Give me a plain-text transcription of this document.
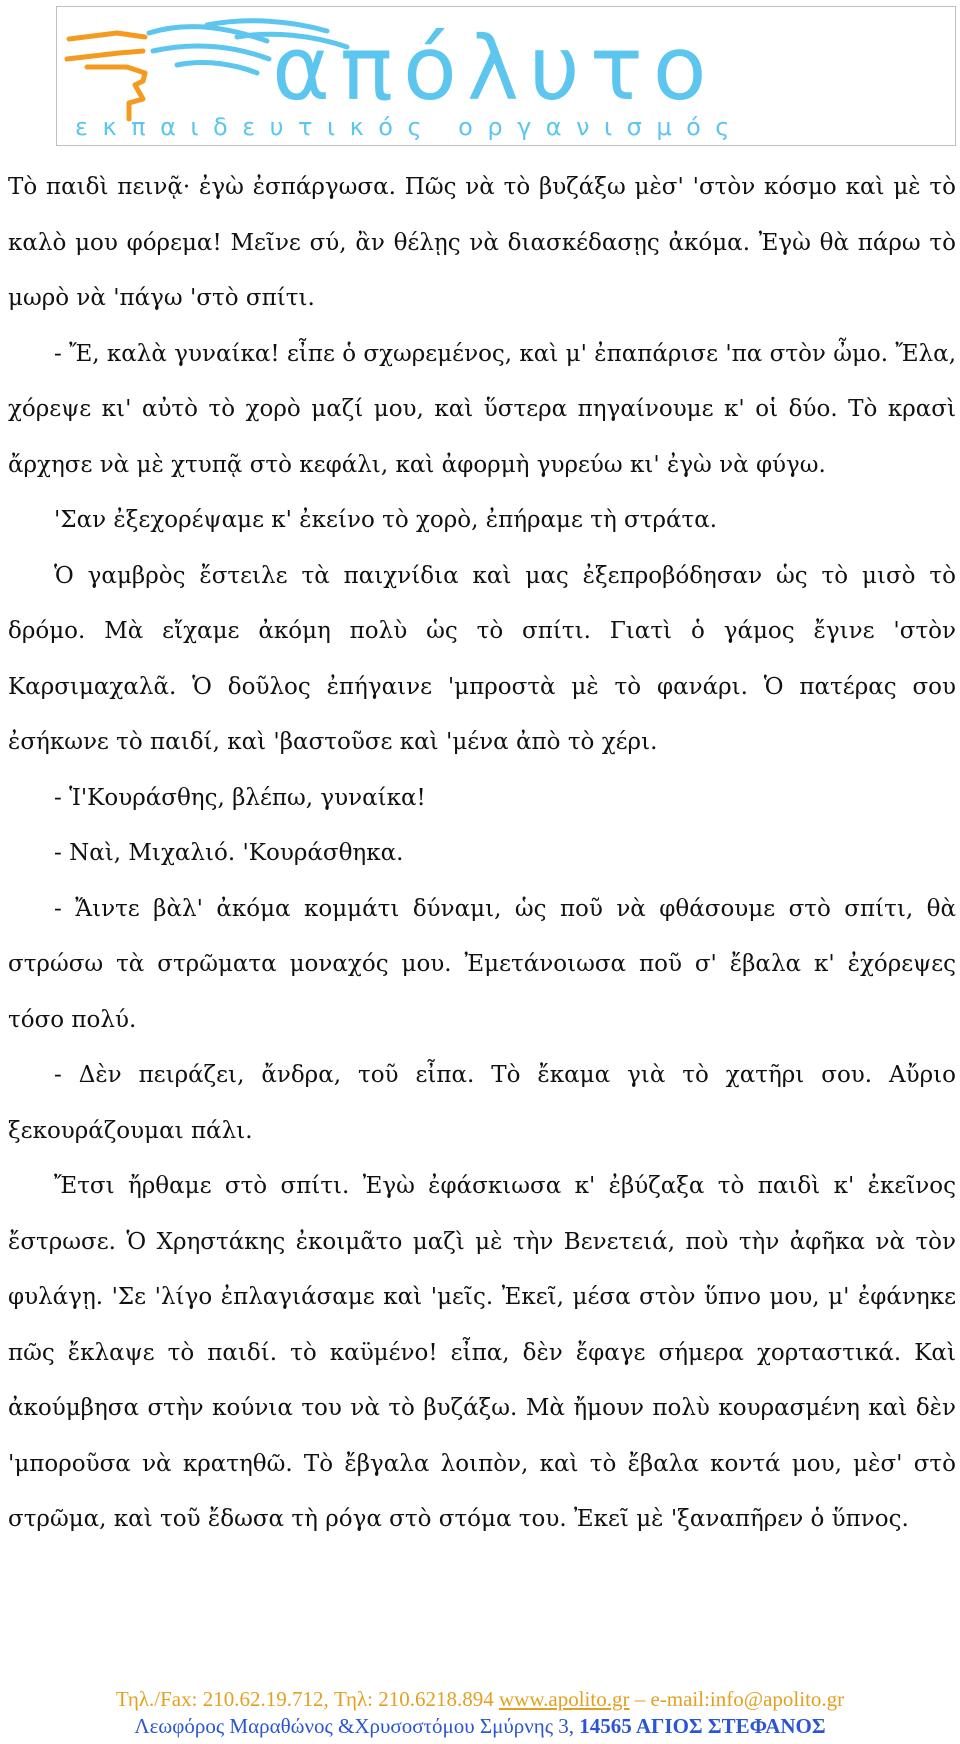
απόλυτο
εκπαιδευτικός οργανισμός

Τὸ παιδὶ πεινᾷ· ἐγὼ ἐσπάργωσα. Πῶς νὰ τὸ βυζάξω μὲσ' 'στὸν κόσμο καὶ μὲ τὸ καλὸ μου φόρεμα! Μεῖνε σύ, ἂν θέλῃς νὰ διασκέδασῃς ἀκόμα. Ἐγὼ θὰ πάρω τὸ μωρὸ νὰ 'πάγω 'στὸ σπίτι.

- Ἔ, καλὰ γυναίκα! εἶπε ὁ σχωρεμένος, καὶ μ' ἐπαπάρισε 'πα στὸν ὦμο. Ἔλα, χόρεψε κι' αὐτὸ τὸ χορὸ μαζί μου, καὶ ὕστερα πηγαίνουμε κ' οἱ δύο. Τὸ κρασὶ ἄρχησε νὰ μὲ χτυπᾷ στὸ κεφάλι, καὶ ἀφορμὴ γυρεύω κι' ἐγὼ νὰ φύγω.

'Σαν ἐξεχορέψαμε κ' ἐκείνο τὸ χορὸ, ἐπήραμε τὴ στράτα.

Ὁ γαμβρὸς ἔστειλε τὰ παιχνίδια καὶ μας ἐξεπροβόδησαν ὡς τὸ μισὸ τὸ δρόμο. Μὰ εἴχαμε ἀκόμη πολὺ ὡς τὸ σπίτι. Γιατὶ ὁ γάμος ἔγινε 'στὸν Καρσιμαχαλᾶ. Ὁ δοῦλος ἐπήγαινε 'μπροστὰ μὲ τὸ φανάρι. Ὁ πατέρας σου ἐσήκωνε τὸ παιδί, καὶ 'βαστοῦσε καὶ 'μένα ἀπὸ τὸ χέρι.

- Ἱ'Κουράσθης, βλέπω, γυναίκα!

- Ναὶ, Μιχαλιό. 'Κουράσθηκα.

- Ἄιντε βὰλ' ἀκόμα κομμάτι δύναμι, ὡς ποῦ νὰ φθάσουμε στὸ σπίτι, θὰ στρώσω τὰ στρῶματα μοναχός μου. Ἐμετάνοιωσα ποῦ σ' ἔβαλα κ' ἐχόρεψες τόσο πολύ.

- Δὲν πειράζει, ἄνδρα, τοῦ εἶπα. Τὸ ἔκαμα γιὰ τὸ χατῆρι σου. Αὔριο ξεκουράζουμαι πάλι.

Ἔτσι ἤρθαμε στὸ σπίτι. Ἐγὼ ἐφάσκιωσα κ' ἐβύζαξα τὸ παιδὶ κ' ἐκεῖνος ἔστρωσε. Ὁ Χρηστάκης ἐκοιμᾶτο μαζὶ μὲ τὴν Βενετειά, ποὺ τὴν ἀφῆκα νὰ τὸν φυλάγῃ. 'Σε 'λίγο ἐπλαγιάσαμε καὶ 'μεῖς. Ἐκεῖ, μέσα στὸν ὕπνο μου, μ' ἐφάνηκε πῶς ἔκλαψε τὸ παιδί. τὸ καϋμένο! εἶπα, δὲν ἔφαγε σήμερα χορταστικά. Καὶ ἀκούμβησα στὴν κούνια του νὰ τὸ βυζάξω. Μὰ ἤμουν πολὺ κουρασμένη καὶ δὲν 'μποροῦσα νὰ κρατηθῶ. Τὸ ἔβγαλα λοιπὸν, καὶ τὸ ἔβαλα κοντά μου, μὲσ' στὸ στρῶμα, καὶ τοῦ ἔδωσα τὴ ρόγα στὸ στόμα του. Ἐκεῖ μὲ 'ξαναπῆρεν ὁ ὕπνος.

Τηλ./Fax: 210.62.19.712, Τηλ: 210.6218.894 www.apolito.gr – e-mail:info@apolito.gr
Λεωφόρος Μαραθώνος &Χρυσοστόμου Σμύρνης 3, 14565 ΑΓΙΟΣ ΣΤΕΦΑΝΟΣ
